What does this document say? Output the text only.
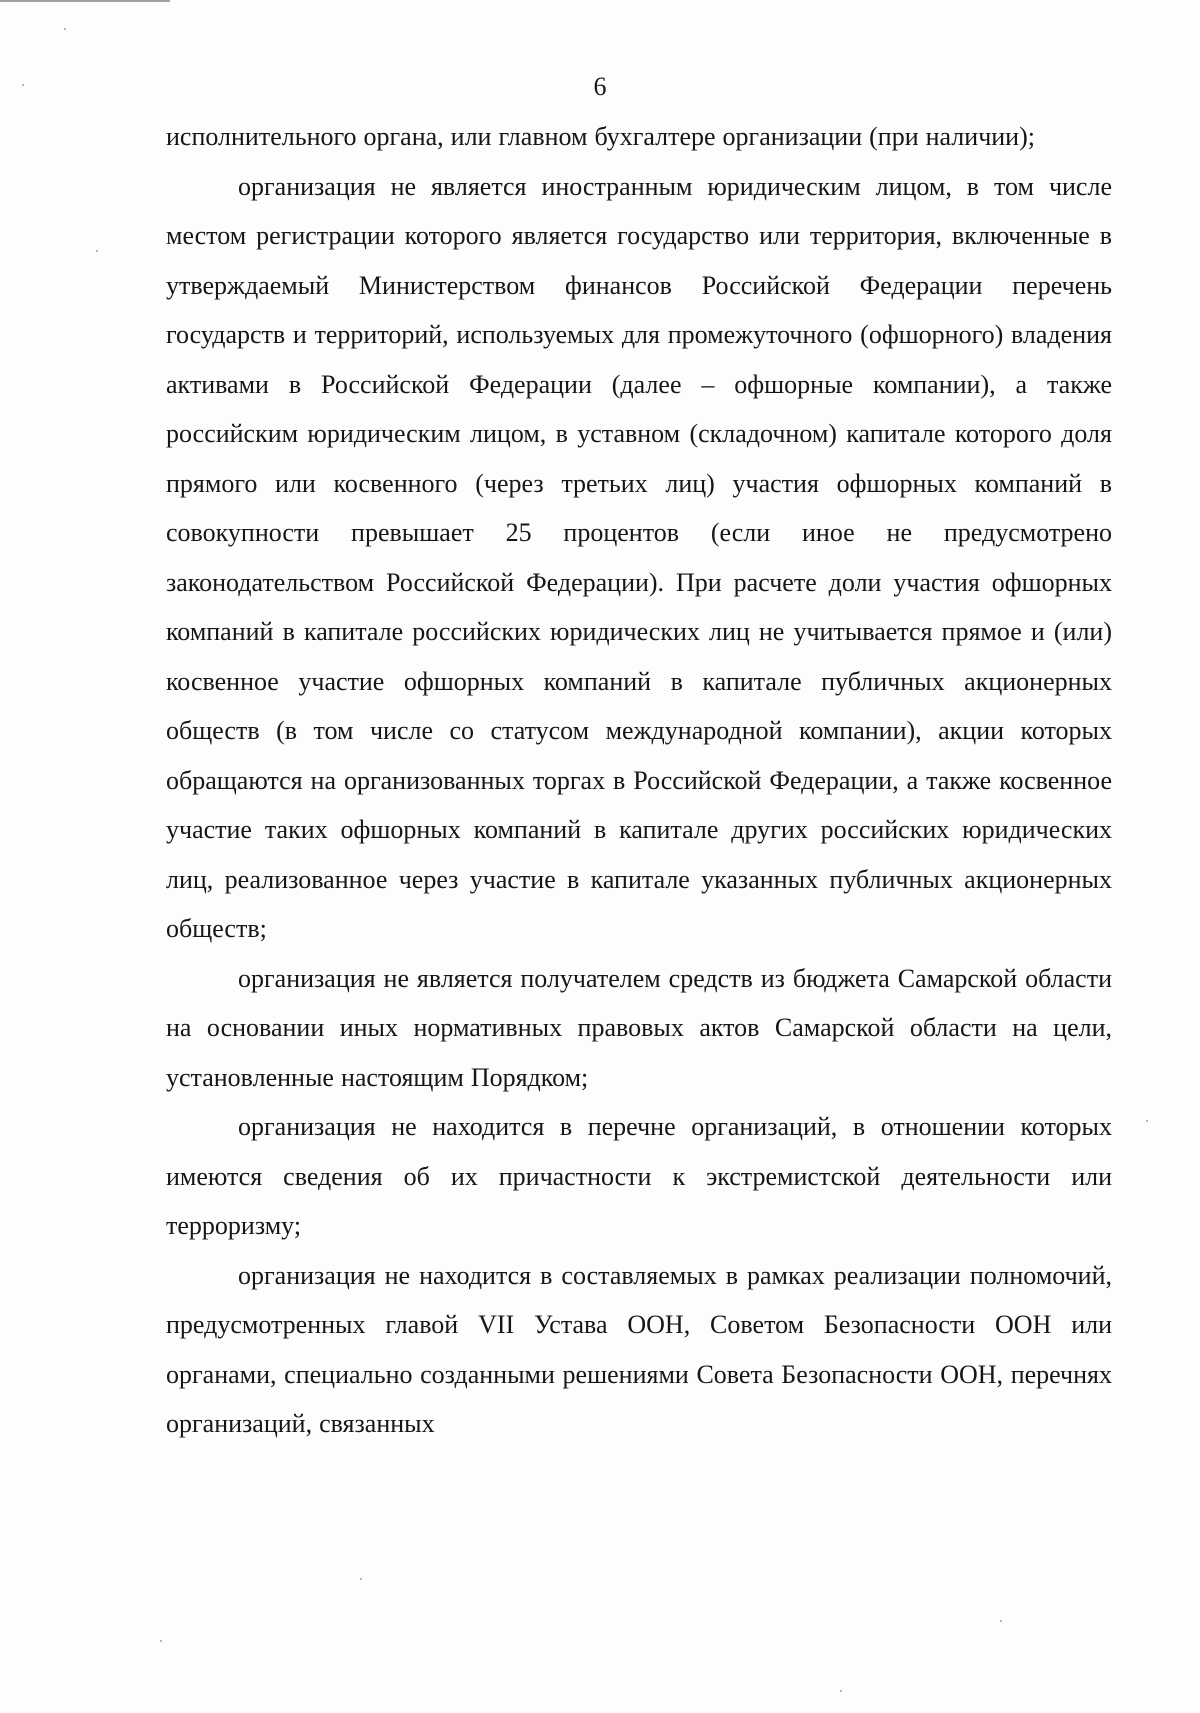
6

исполнительного органа, или главном бухгалтере организации (при наличии);

организация не является иностранным юридическим лицом, в том числе местом регистрации которого является государство или территория, включенные в утверждаемый Министерством финансов Российской Федерации перечень государств и территорий, используемых для промежуточного (офшорного) владения активами в Российской Федерации (далее – офшорные компании), а также российским юридическим лицом, в уставном (складочном) капитале которого доля прямого или косвенного (через третьих лиц) участия офшорных компаний в совокупности превышает 25 процентов (если иное не предусмотрено законодательством Российской Федерации). При расчете доли участия офшорных компаний в капитале российских юридических лиц не учитывается прямое и (или) косвенное участие офшорных компаний в капитале публичных акционерных обществ (в том числе со статусом международной компании), акции которых обращаются на организованных торгах в Российской Федерации, а также косвенное участие таких офшорных компаний в капитале других российских юридических лиц, реализованное через участие в капитале указанных публичных акционерных обществ;

организация не является получателем средств из бюджета Самарской области на основании иных нормативных правовых актов Самарской области на цели, установленные настоящим Порядком;

организация не находится в перечне организаций, в отношении которых имеются сведения об их причастности к экстремистской деятельности или терроризму;

организация не находится в составляемых в рамках реализации полномочий, предусмотренных главой VII Устава ООН, Советом Безопасности ООН или органами, специально созданными решениями Совета Безопасности ООН, перечнях организаций, связанных
